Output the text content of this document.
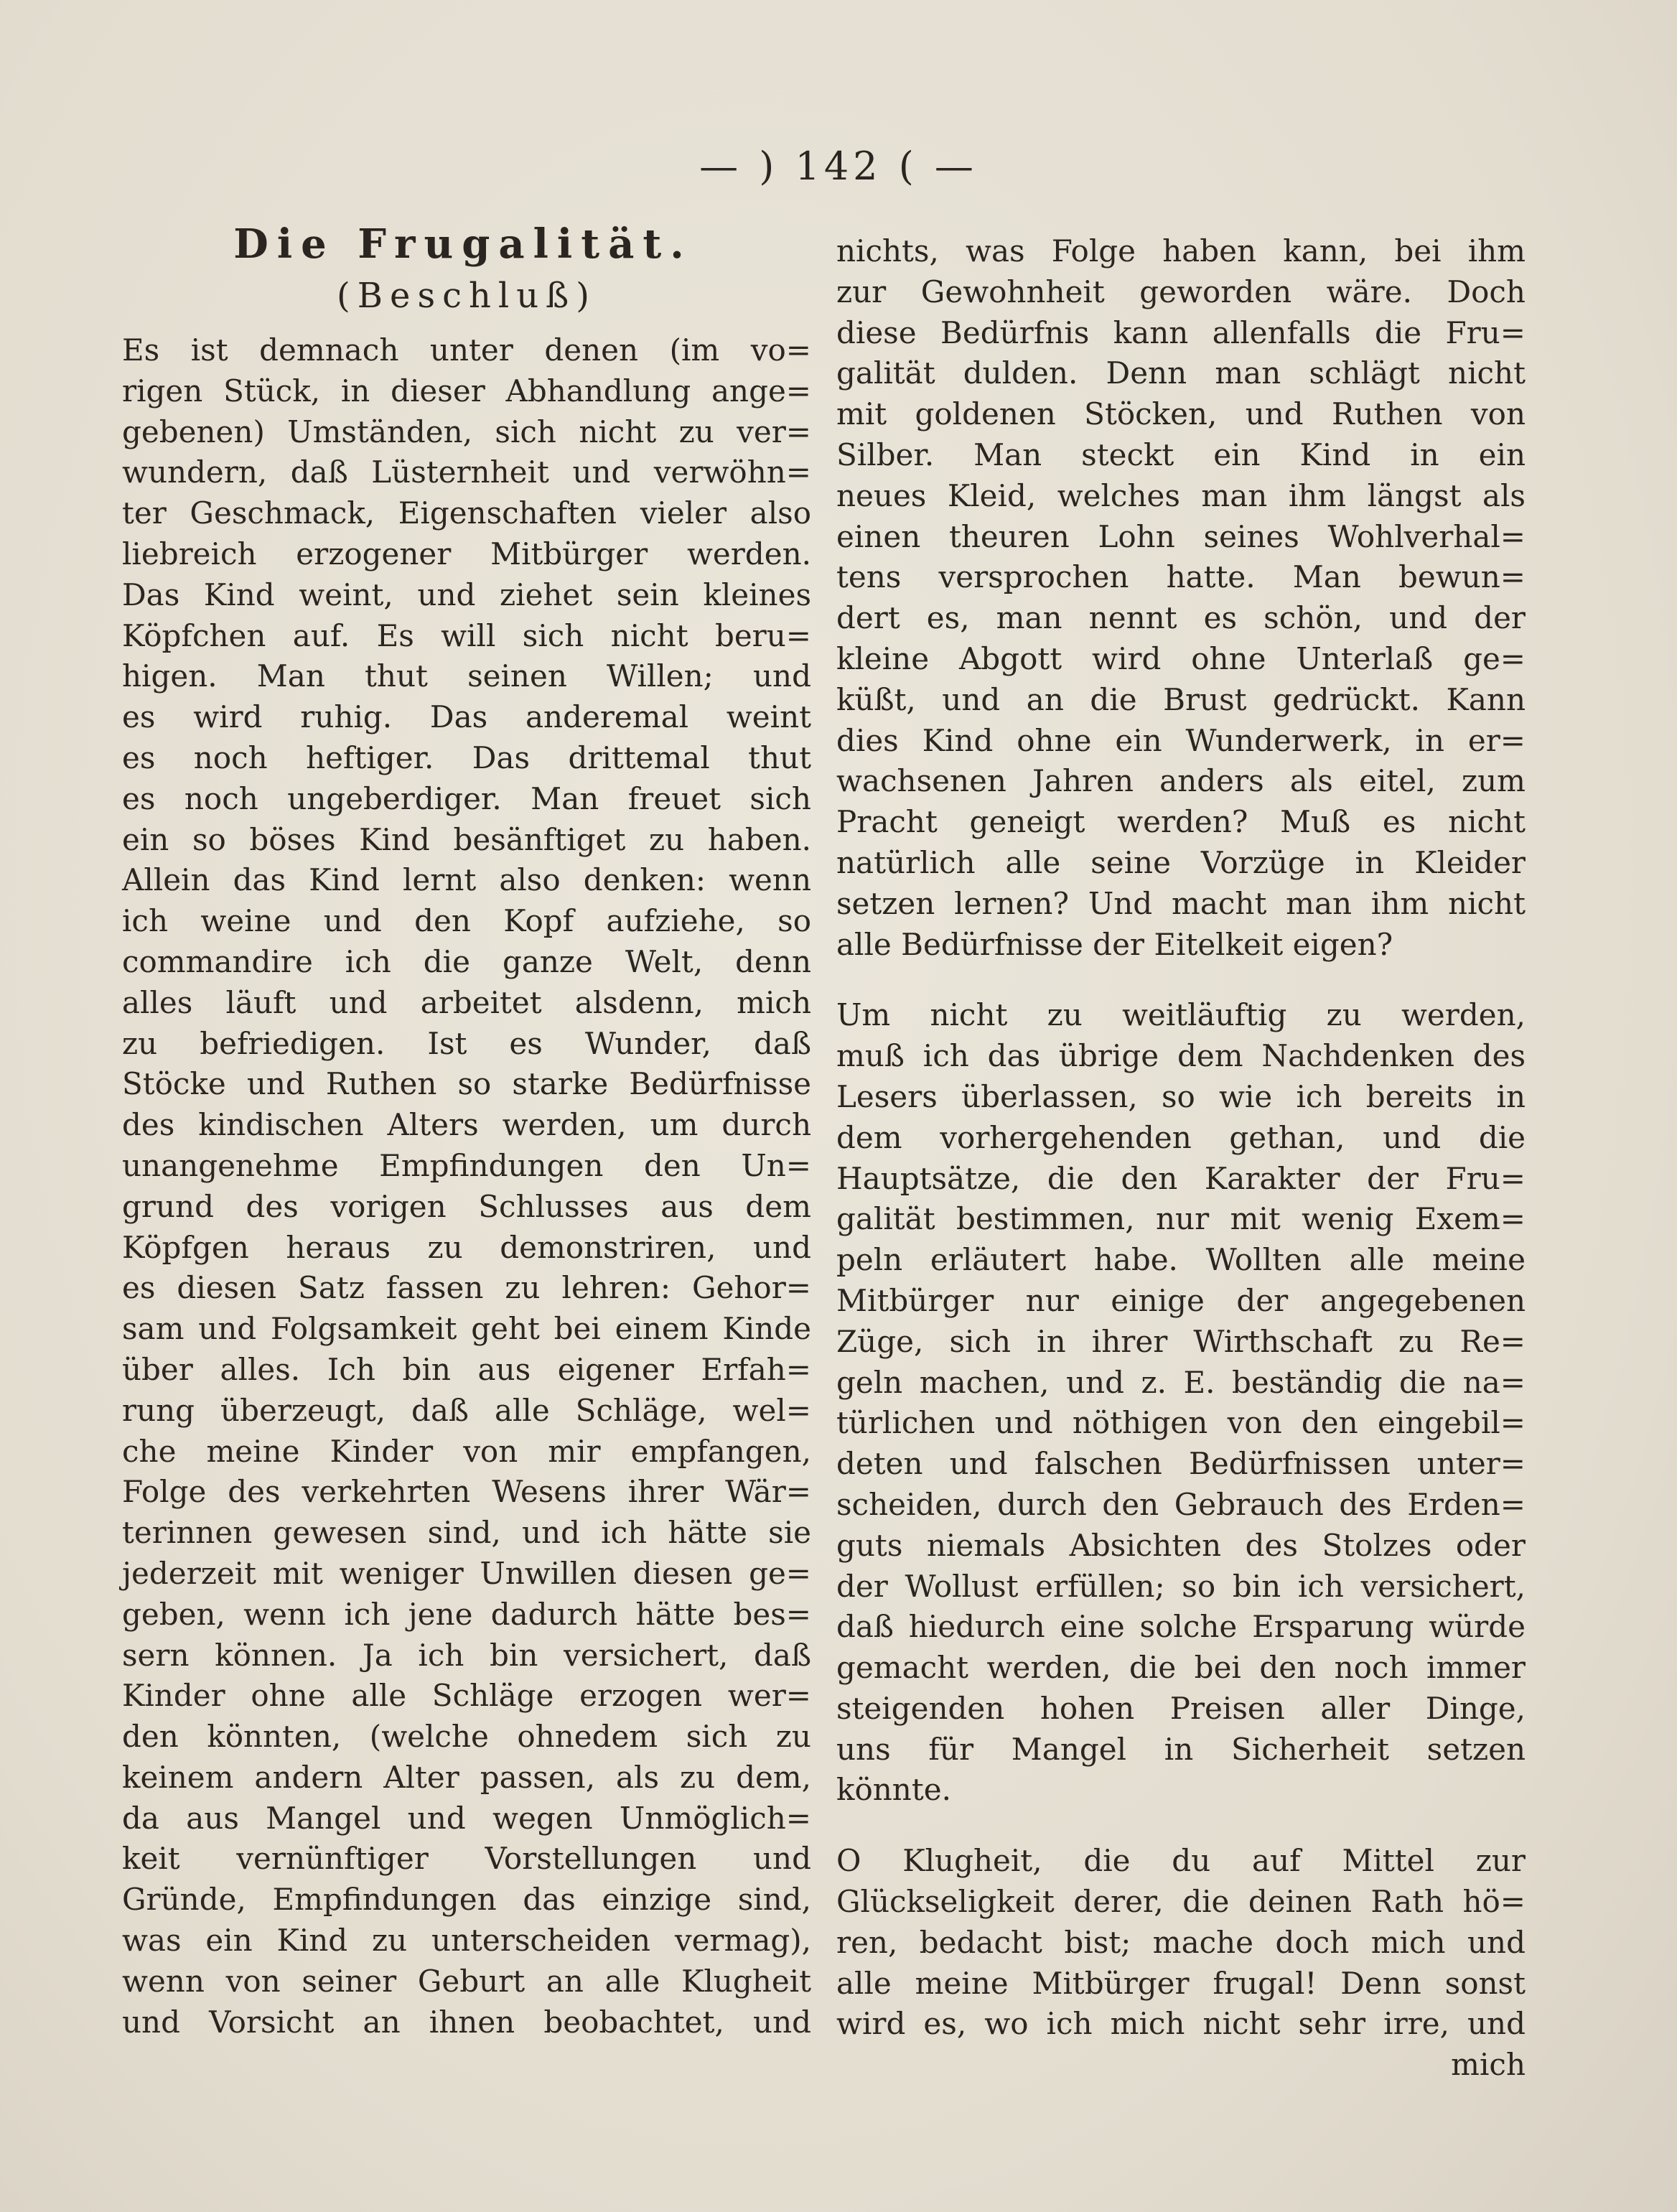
— ) 142 ( —
Die Frugalität.
(Beschluß)
Es ist demnach unter denen (im vo=
rigen Stück, in dieser Abhandlung ange=
gebenen) Umständen, sich nicht zu ver=
wundern, daß Lüsternheit und verwöhn=
ter Geschmack, Eigenschaften vieler also
liebreich erzogener Mitbürger werden.
Das Kind weint, und ziehet sein kleines
Köpfchen auf. Es will sich nicht beru=
higen. Man thut seinen Willen; und
es wird ruhig. Das anderemal weint
es noch heftiger. Das drittemal thut
es noch ungeberdiger. Man freuet sich
ein so böses Kind besänftiget zu haben.
Allein das Kind lernt also denken: wenn
ich weine und den Kopf aufziehe, so
commandire ich die ganze Welt, denn
alles läuft und arbeitet alsdenn, mich
zu befriedigen. Ist es Wunder, daß
Stöcke und Ruthen so starke Bedürfnisse
des kindischen Alters werden, um durch
unangenehme Empfindungen den Un=
grund des vorigen Schlusses aus dem
Köpfgen heraus zu demonstriren, und
es diesen Satz fassen zu lehren: Gehor=
sam und Folgsamkeit geht bei einem Kinde
über alles. Ich bin aus eigener Erfah=
rung überzeugt, daß alle Schläge, wel=
che meine Kinder von mir empfangen,
Folge des verkehrten Wesens ihrer Wär=
terinnen gewesen sind, und ich hätte sie
jederzeit mit weniger Unwillen diesen ge=
geben, wenn ich jene dadurch hätte bes=
sern können. Ja ich bin versichert, daß
Kinder ohne alle Schläge erzogen wer=
den könnten, (welche ohnedem sich zu
keinem andern Alter passen, als zu dem,
da aus Mangel und wegen Unmöglich=
keit vernünftiger Vorstellungen und
Gründe, Empfindungen das einzige sind,
was ein Kind zu unterscheiden vermag),
wenn von seiner Geburt an alle Klugheit
und Vorsicht an ihnen beobachtet, und
nichts, was Folge haben kann, bei ihm
zur Gewohnheit geworden wäre. Doch
diese Bedürfnis kann allenfalls die Fru=
galität dulden. Denn man schlägt nicht
mit goldenen Stöcken, und Ruthen von
Silber. Man steckt ein Kind in ein
neues Kleid, welches man ihm längst als
einen theuren Lohn seines Wohlverhal=
tens versprochen hatte. Man bewun=
dert es, man nennt es schön, und der
kleine Abgott wird ohne Unterlaß ge=
küßt, und an die Brust gedrückt. Kann
dies Kind ohne ein Wunderwerk, in er=
wachsenen Jahren anders als eitel, zum
Pracht geneigt werden? Muß es nicht
natürlich alle seine Vorzüge in Kleider
setzen lernen? Und macht man ihm nicht
alle Bedürfnisse der Eitelkeit eigen?
Um nicht zu weitläuftig zu werden,
muß ich das übrige dem Nachdenken des
Lesers überlassen, so wie ich bereits in
dem vorhergehenden gethan, und die
Hauptsätze, die den Karakter der Fru=
galität bestimmen, nur mit wenig Exem=
peln erläutert habe. Wollten alle meine
Mitbürger nur einige der angegebenen
Züge, sich in ihrer Wirthschaft zu Re=
geln machen, und z. E. beständig die na=
türlichen und nöthigen von den eingebil=
deten und falschen Bedürfnissen unter=
scheiden, durch den Gebrauch des Erden=
guts niemals Absichten des Stolzes oder
der Wollust erfüllen; so bin ich versichert,
daß hiedurch eine solche Ersparung würde
gemacht werden, die bei den noch immer
steigenden hohen Preisen aller Dinge,
uns für Mangel in Sicherheit setzen
könnte.
O Klugheit, die du auf Mittel zur
Glückseligkeit derer, die deinen Rath hö=
ren, bedacht bist; mache doch mich und
alle meine Mitbürger frugal! Denn sonst
wird es, wo ich mich nicht sehr irre, und
mich
